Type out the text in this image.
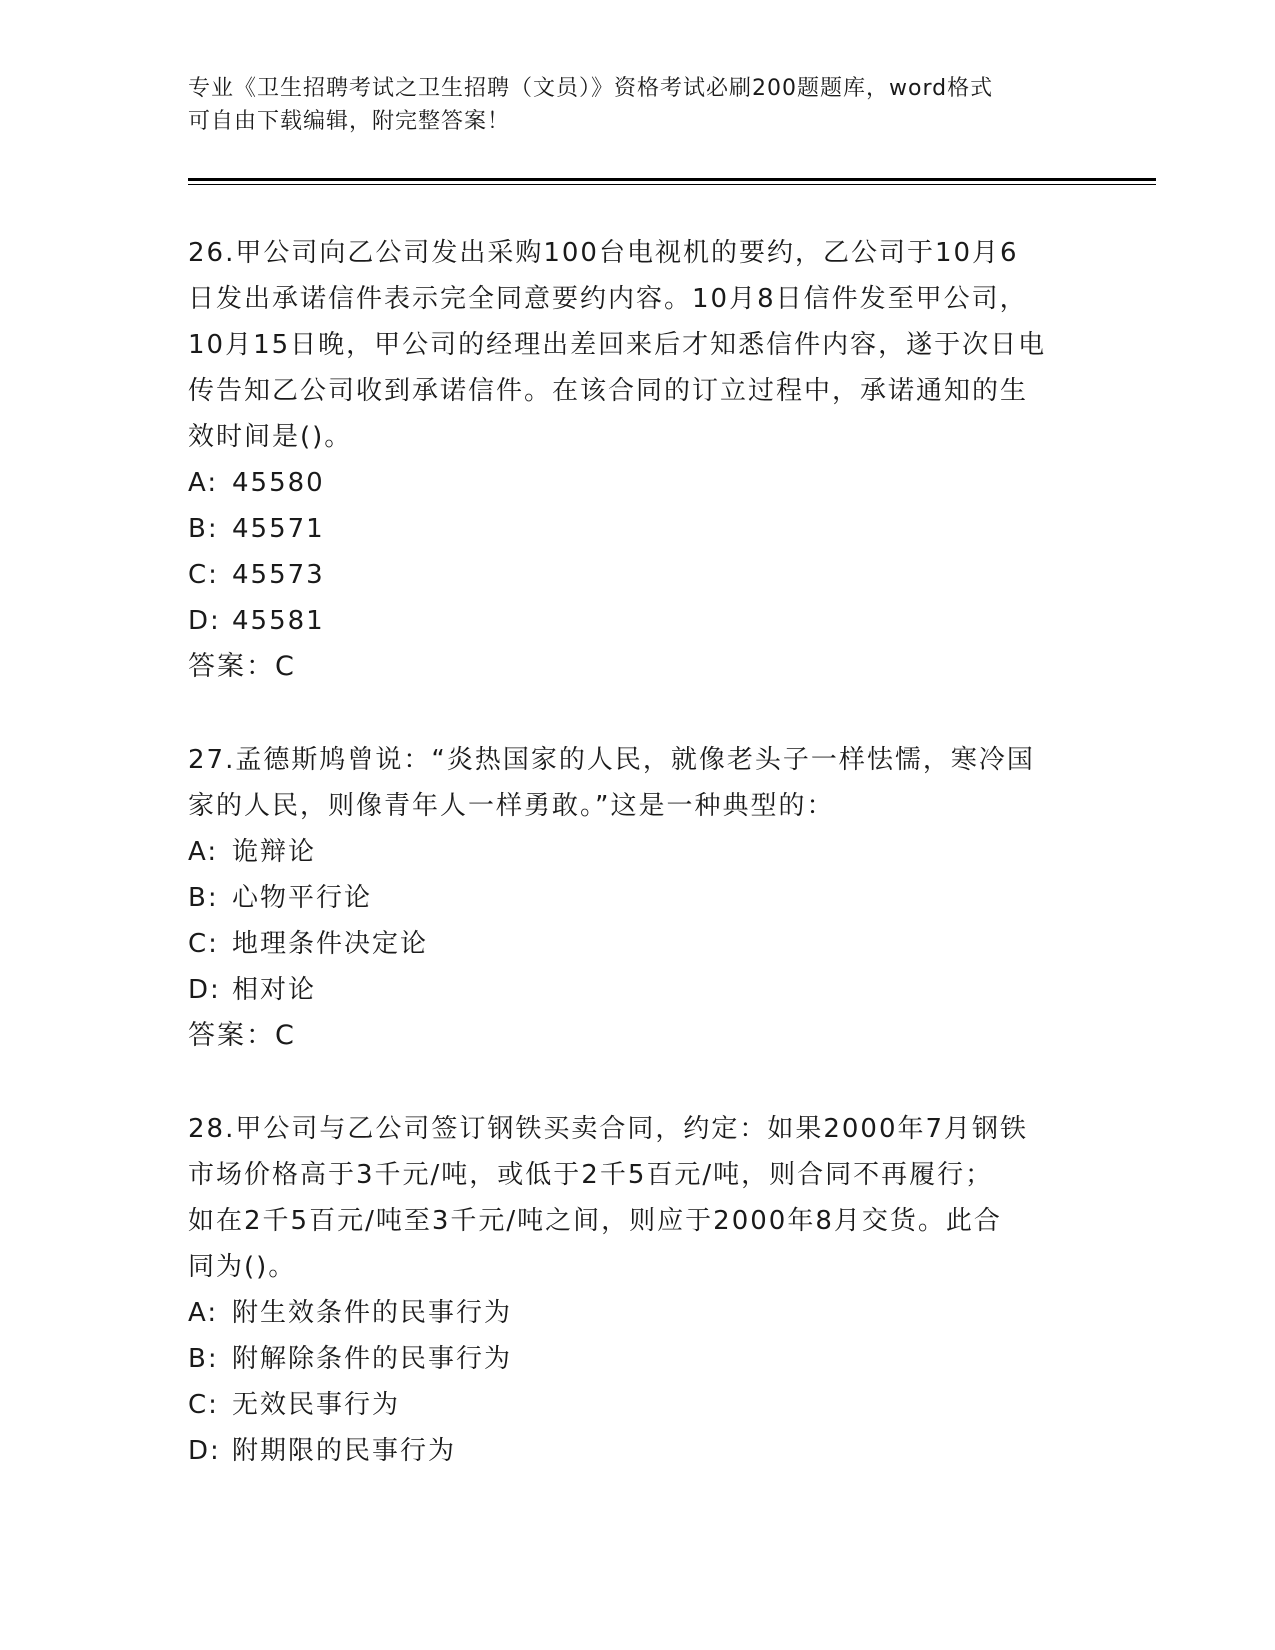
专业《卫生招聘考试之卫生招聘（文员）》资格考试必刷200题题库，word格式
可自由下载编辑，附完整答案！
26.甲公司向乙公司发出采购100台电视机的要约，乙公司于10月6
日发出承诺信件表示完全同意要约内容。10月8日信件发至甲公司，
10月15日晚，甲公司的经理出差回来后才知悉信件内容，遂于次日电
传告知乙公司收到承诺信件。在该合同的订立过程中，承诺通知的生
效时间是()。
A: 45580
B: 45571
C: 45573
D: 45581
答案：C
27.孟德斯鸠曾说：“炎热国家的人民，就像老头子一样怯懦，寒冷国
家的人民，则像青年人一样勇敢。”这是一种典型的：
A: 诡辩论
B: 心物平行论
C: 地理条件决定论
D: 相对论
答案：C
28.甲公司与乙公司签订钢铁买卖合同，约定：如果2000年7月钢铁
市场价格高于3千元/吨，或低于2千5百元/吨，则合同不再履行；
如在2千5百元/吨至3千元/吨之间，则应于2000年8月交货。此合
同为()。
A: 附生效条件的民事行为
B: 附解除条件的民事行为
C: 无效民事行为
D: 附期限的民事行为
